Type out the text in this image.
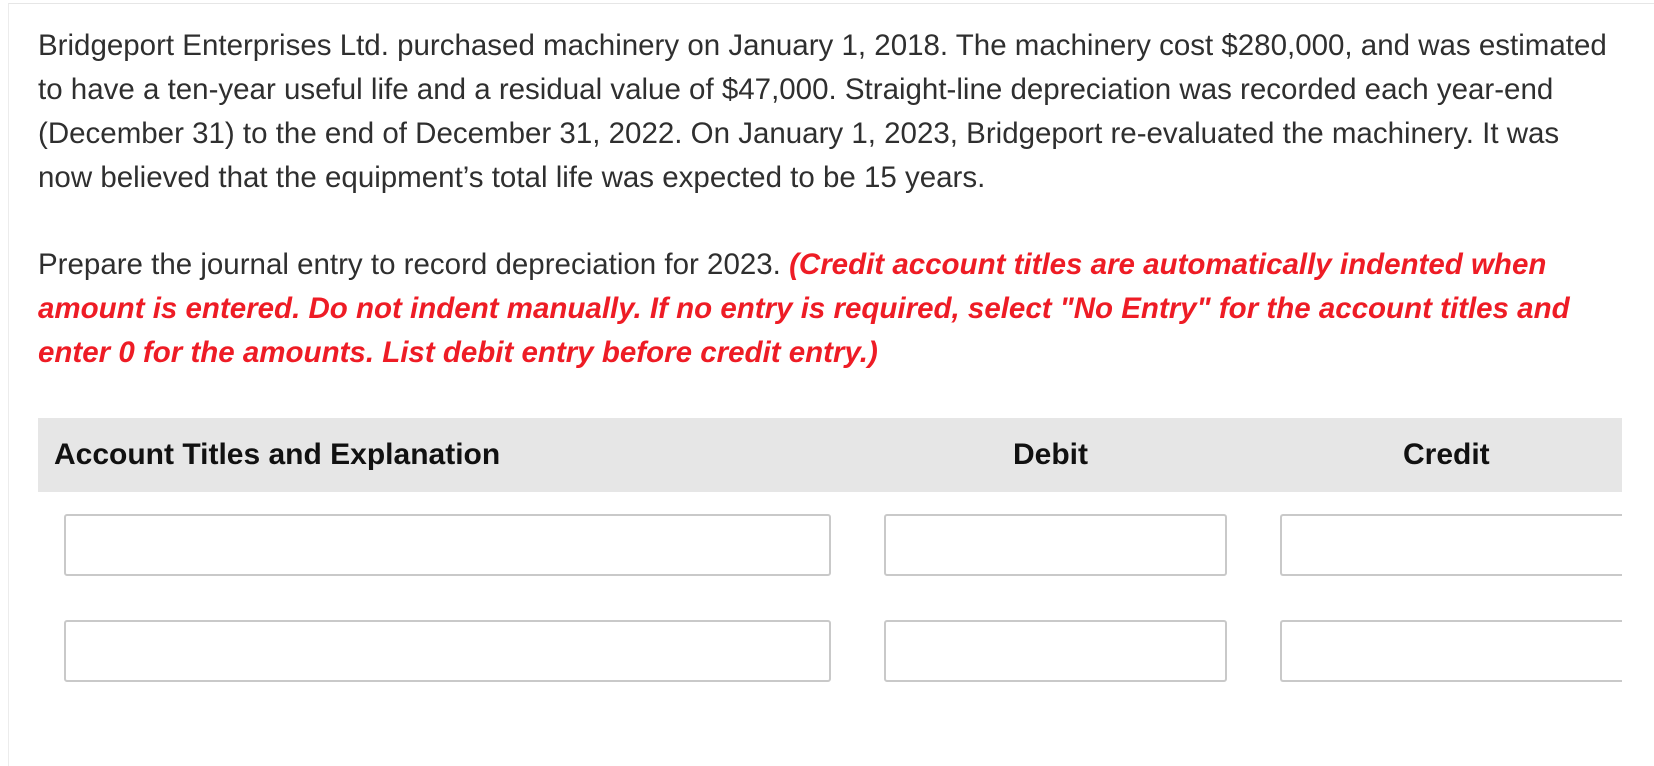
Bridgeport Enterprises Ltd. purchased machinery on January 1, 2018. The machinery cost $280,000, and was estimated to have a ten-year useful life and a residual value of $47,000. Straight-line depreciation was recorded each year-end (December 31) to the end of December 31, 2022. On January 1, 2023, Bridgeport re-evaluated the machinery. It was now believed that the equipment’s total life was expected to be 15 years.

Prepare the journal entry to record depreciation for 2023. (Credit account titles are automatically indented when amount is entered. Do not indent manually. If no entry is required, select "No Entry" for the account titles and enter 0 for the amounts. List debit entry before credit entry.)

Account Titles and Explanation	Debit	Credit
